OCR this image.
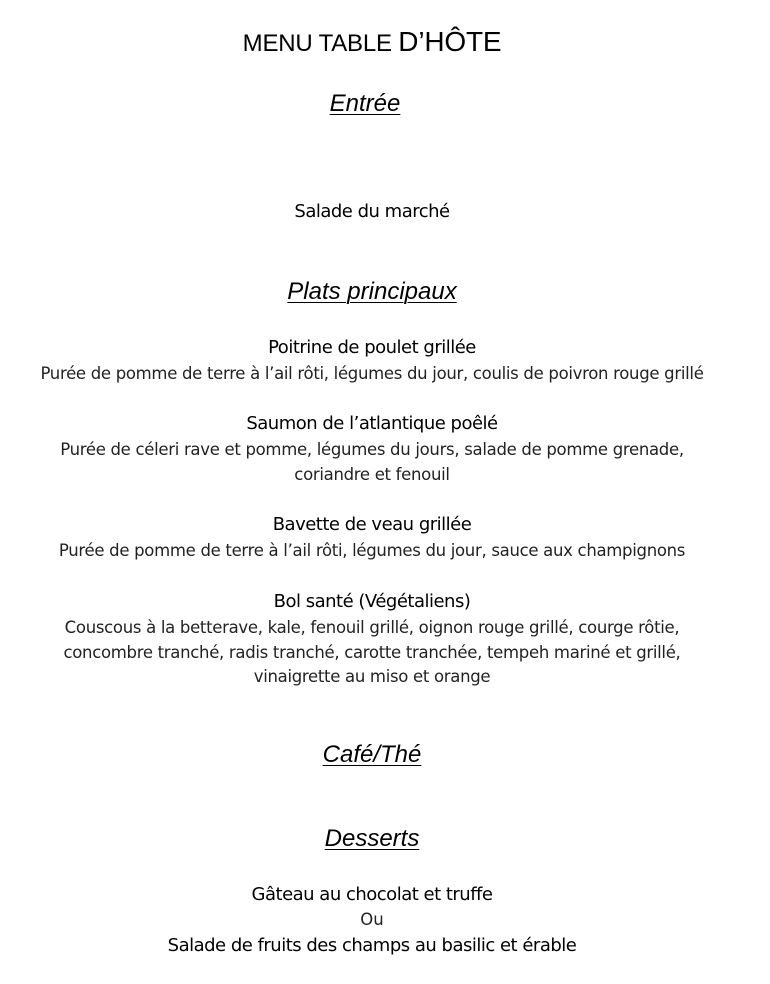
MENU TABLE D’HÔTE
Entrée
Salade du marché
Plats principaux
Poitrine de poulet grillée
Purée de pomme de terre à l’ail rôti, légumes du jour, coulis de poivron rouge grillé
Saumon de l’atlantique poêlé
Purée de céleri rave et pomme, légumes du jours, salade de pomme grenade,
coriandre et fenouil
Bavette de veau grillée
Purée de pomme de terre à l’ail rôti, légumes du jour, sauce aux champignons
Bol santé (Végétaliens)
Couscous à la betterave, kale, fenouil grillé, oignon rouge grillé, courge rôtie,
concombre tranché, radis tranché, carotte tranchée, tempeh mariné et grillé,
vinaigrette au miso et orange
Café/Thé
Desserts
Gâteau au chocolat et truffe
Ou
Salade de fruits des champs au basilic et érable
